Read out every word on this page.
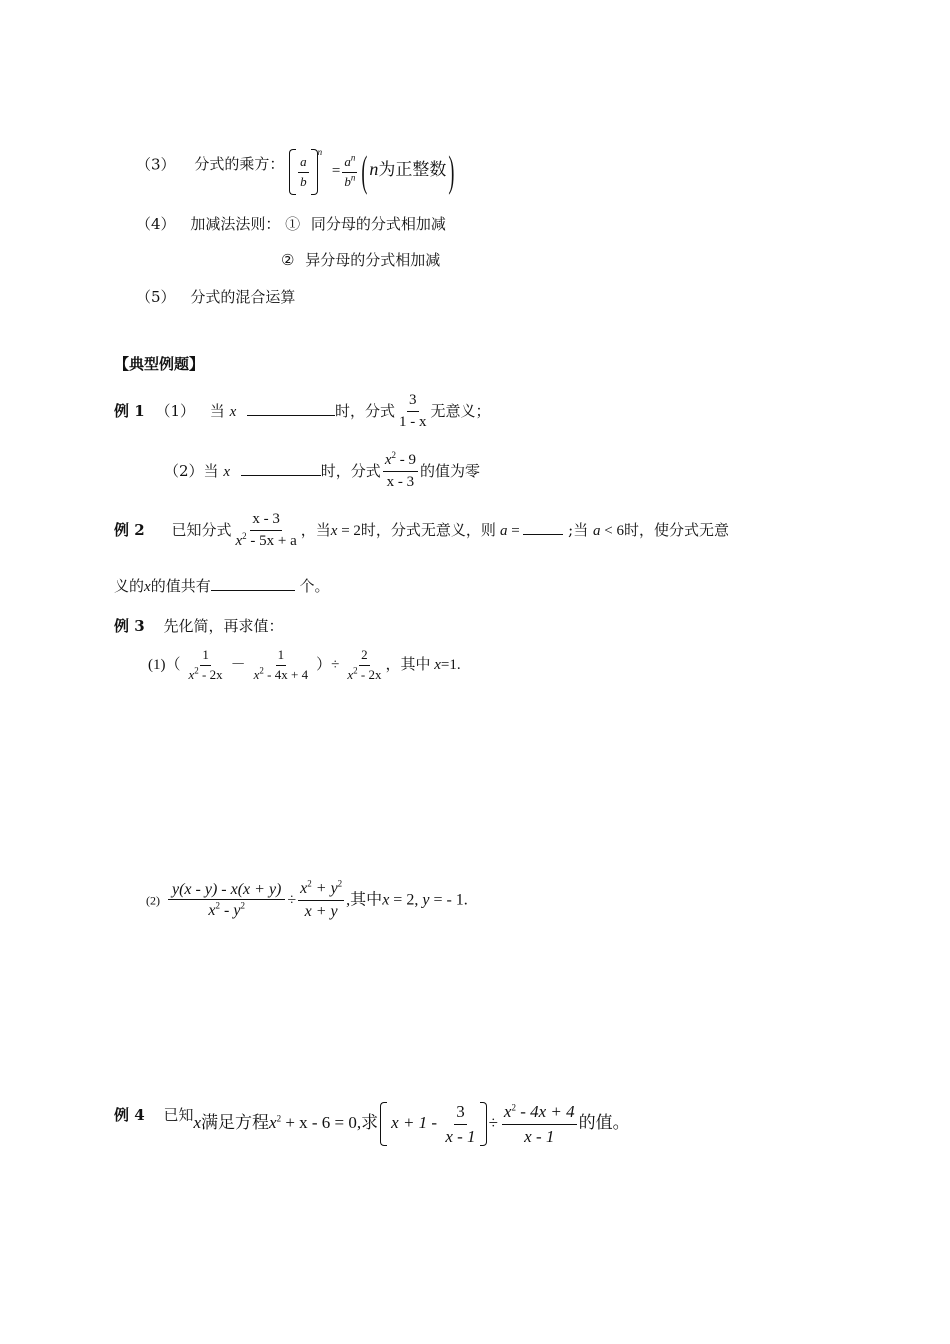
（3） 分式的乘方： $\frac{a}{b}$
$^n = \frac{a^n}{b^n}$ ( n为正整数 )
（4） 加减法法则： ① 同分母的分式相加减
② 异分母的分式相加减
（5） 分式的混合运算
【典型例题】
例 1 （1） 当 x	时，分式 $\frac{3}{1 - x}$ 无意义；
（2）当 x	时，分式 $\frac{x^2 - 9}{x - 3}$ 的值为零
例 2 已知分式 $\frac{x - 3}{x^2 - 5x + a}$ ，当x = 2时，分式无意义，则 a =	;当 a < 6时，使分式无意
义的x的值共有	个。
例 3 先化简，再求值：
$(1)( \frac{1}{x^2 - 2x} - \frac{1}{x^2 - 4x + 4}$ ）÷ $\frac{2}{x^2 - 2x}$ ，其中 x=1.
$(2) \frac{y(x - y) - x(x + y)}{x^2 - y^2} \div \frac{x^2 + y^2}{x + y}$ ,其中x = 2, y = - 1.
例 4 已知x满足方程$x^2 + x - 6 = 0$,求 $x + 1 - \frac{3}{x - 1} \div \frac{x^2 - 4x + 4}{x - 1}$ 的值。
